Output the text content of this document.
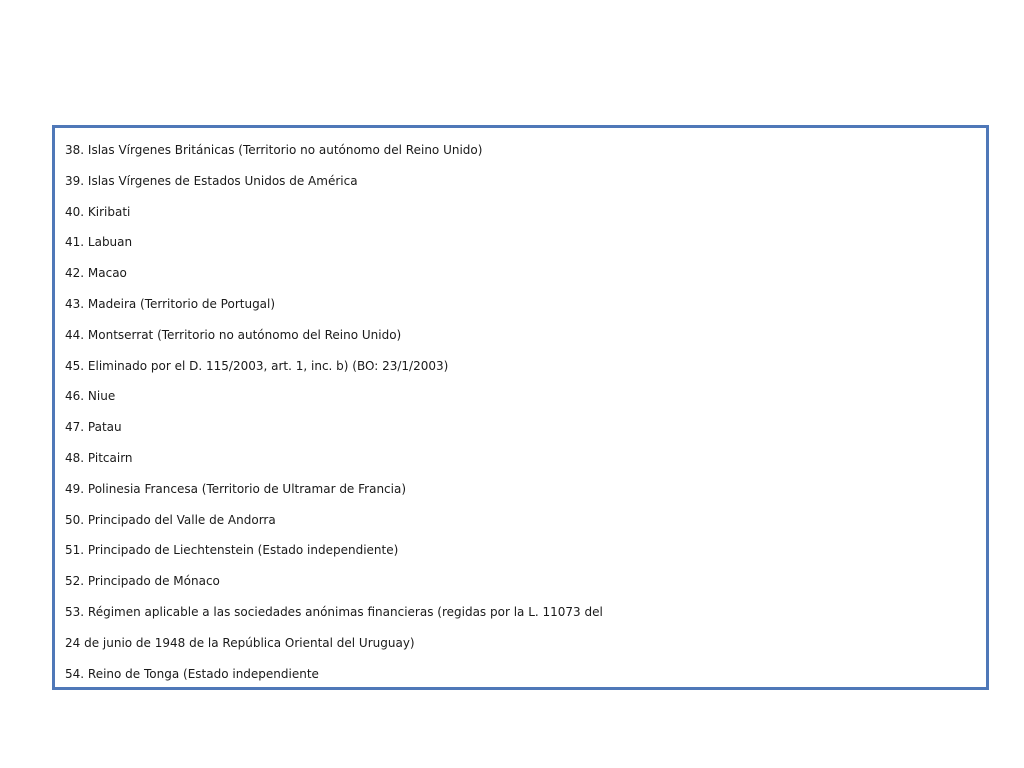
38. Islas Vírgenes Británicas (Territorio no autónomo del Reino Unido)
39. Islas Vírgenes de Estados Unidos de América
40. Kiribati
41. Labuan
42. Macao
43. Madeira (Territorio de Portugal)
44. Montserrat (Territorio no autónomo del Reino Unido)
45. Eliminado por el D. 115/2003, art. 1, inc. b) (BO: 23/1/2003)
46. Niue
47. Patau
48. Pitcairn
49. Polinesia Francesa (Territorio de Ultramar de Francia)
50. Principado del Valle de Andorra
51. Principado de Liechtenstein (Estado independiente)
52. Principado de Mónaco
53. Régimen aplicable a las sociedades anónimas financieras (regidas por la L. 11073 del
24 de junio de 1948 de la República Oriental del Uruguay)
54. Reino de Tonga (Estado independiente
